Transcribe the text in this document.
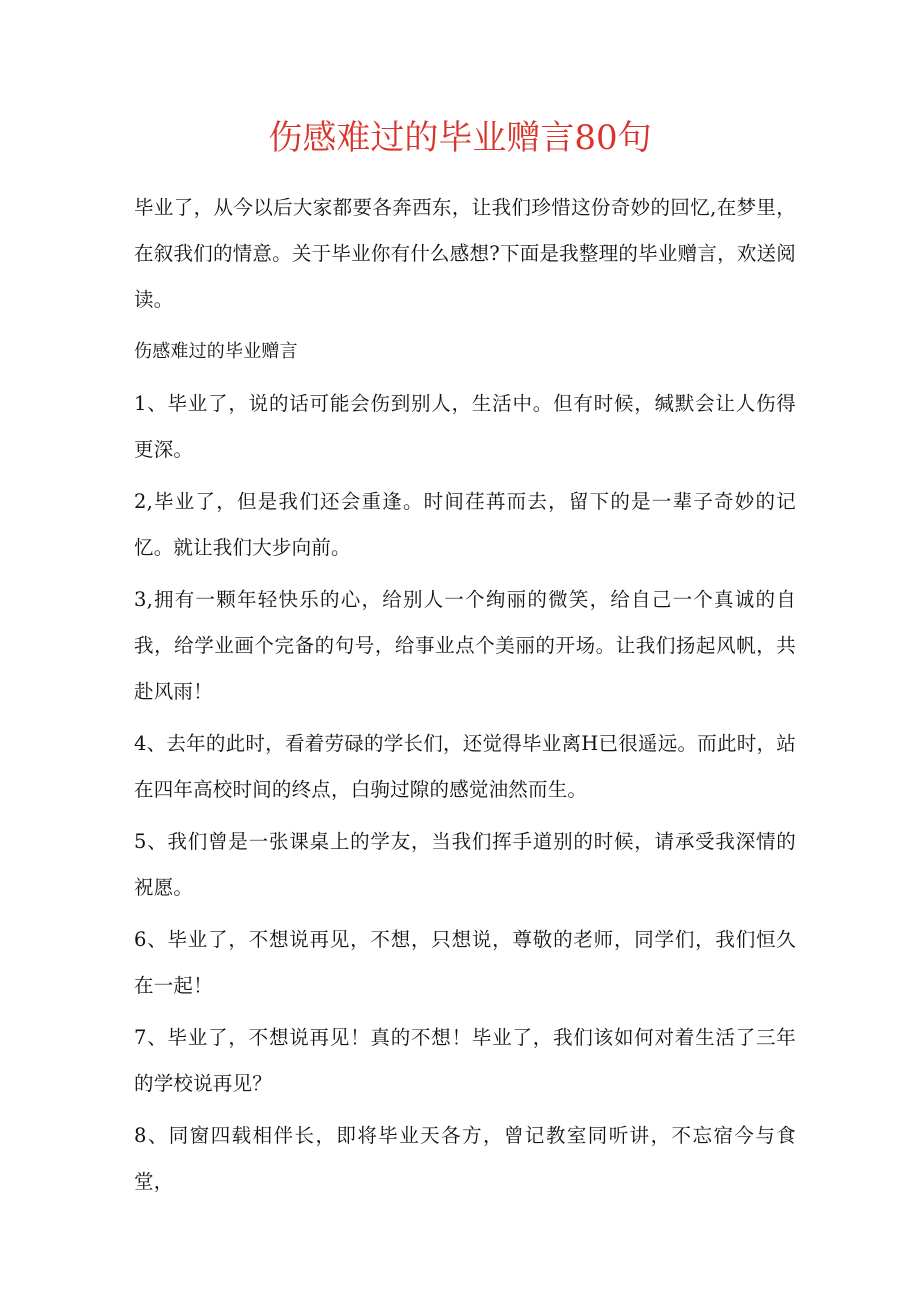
伤感难过的毕业赠言80句

毕业了，从今以后大家都要各奔西东，让我们珍惜这份奇妙的回忆,在梦里，在叙我们的情意。关于毕业你有什么感想?下面是我整理的毕业赠言，欢送阅读。

伤感难过的毕业赠言

1、毕业了，说的话可能会伤到别人，生活中。但有时候，缄默会让人伤得更深。

2,毕业了，但是我们还会重逢。时间荏苒而去，留下的是一辈子奇妙的记忆。就让我们大步向前。

3,拥有一颗年轻快乐的心，给别人一个绚丽的微笑，给自己一个真诚的自我，给学业画个完备的句号，给事业点个美丽的开场。让我们扬起风帆，共赴风雨！

4、去年的此时，看着劳碌的学长们，还觉得毕业离H已很遥远。而此时，站在四年高校时间的终点，白驹过隙的感觉油然而生。

5、我们曾是一张课桌上的学友，当我们挥手道别的时候，请承受我深情的祝愿。

6、毕业了，不想说再见，不想，只想说，尊敬的老师，同学们，我们恒久在一起！

7、毕业了，不想说再见！真的不想！毕业了，我们该如何对着生活了三年的学校说再见？

8、同窗四载相伴长，即将毕业天各方，曾记教室同听讲，不忘宿今与食堂，
